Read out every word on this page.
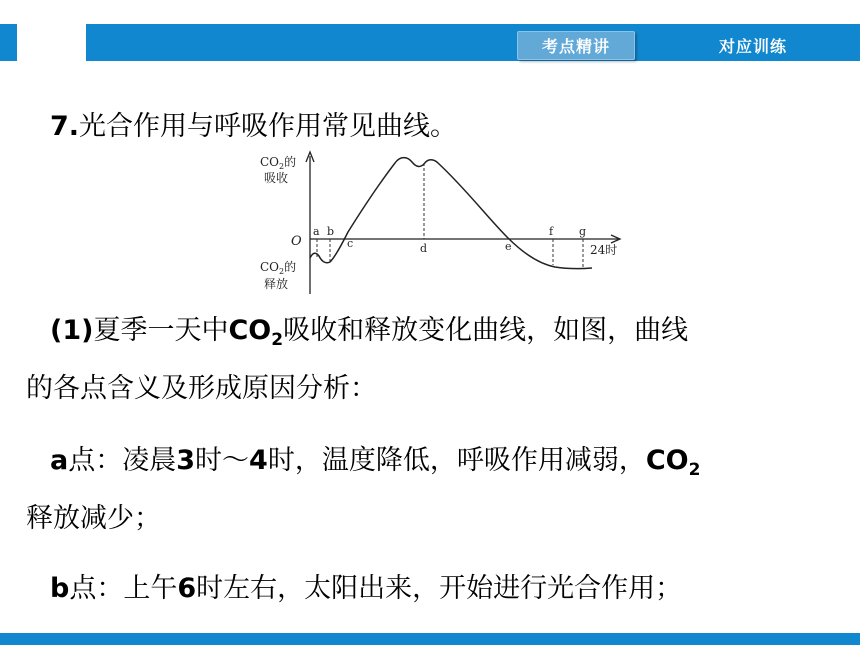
考点精讲	对应训练
7.光合作用与呼吸作用常见曲线。
$CO_2$的
吸收
$CO_2$的
释放
O
24时
a b
c	d	e
f g
(1)夏季一天中$CO_2$吸收和释放变化曲线，如图，曲线
的各点含义及形成原因分析：
a点：凌晨3时～4时，温度降低，呼吸作用减弱，$CO_2$
释放减少；
b点：上午6时左右，太阳出来，开始进行光合作用；
